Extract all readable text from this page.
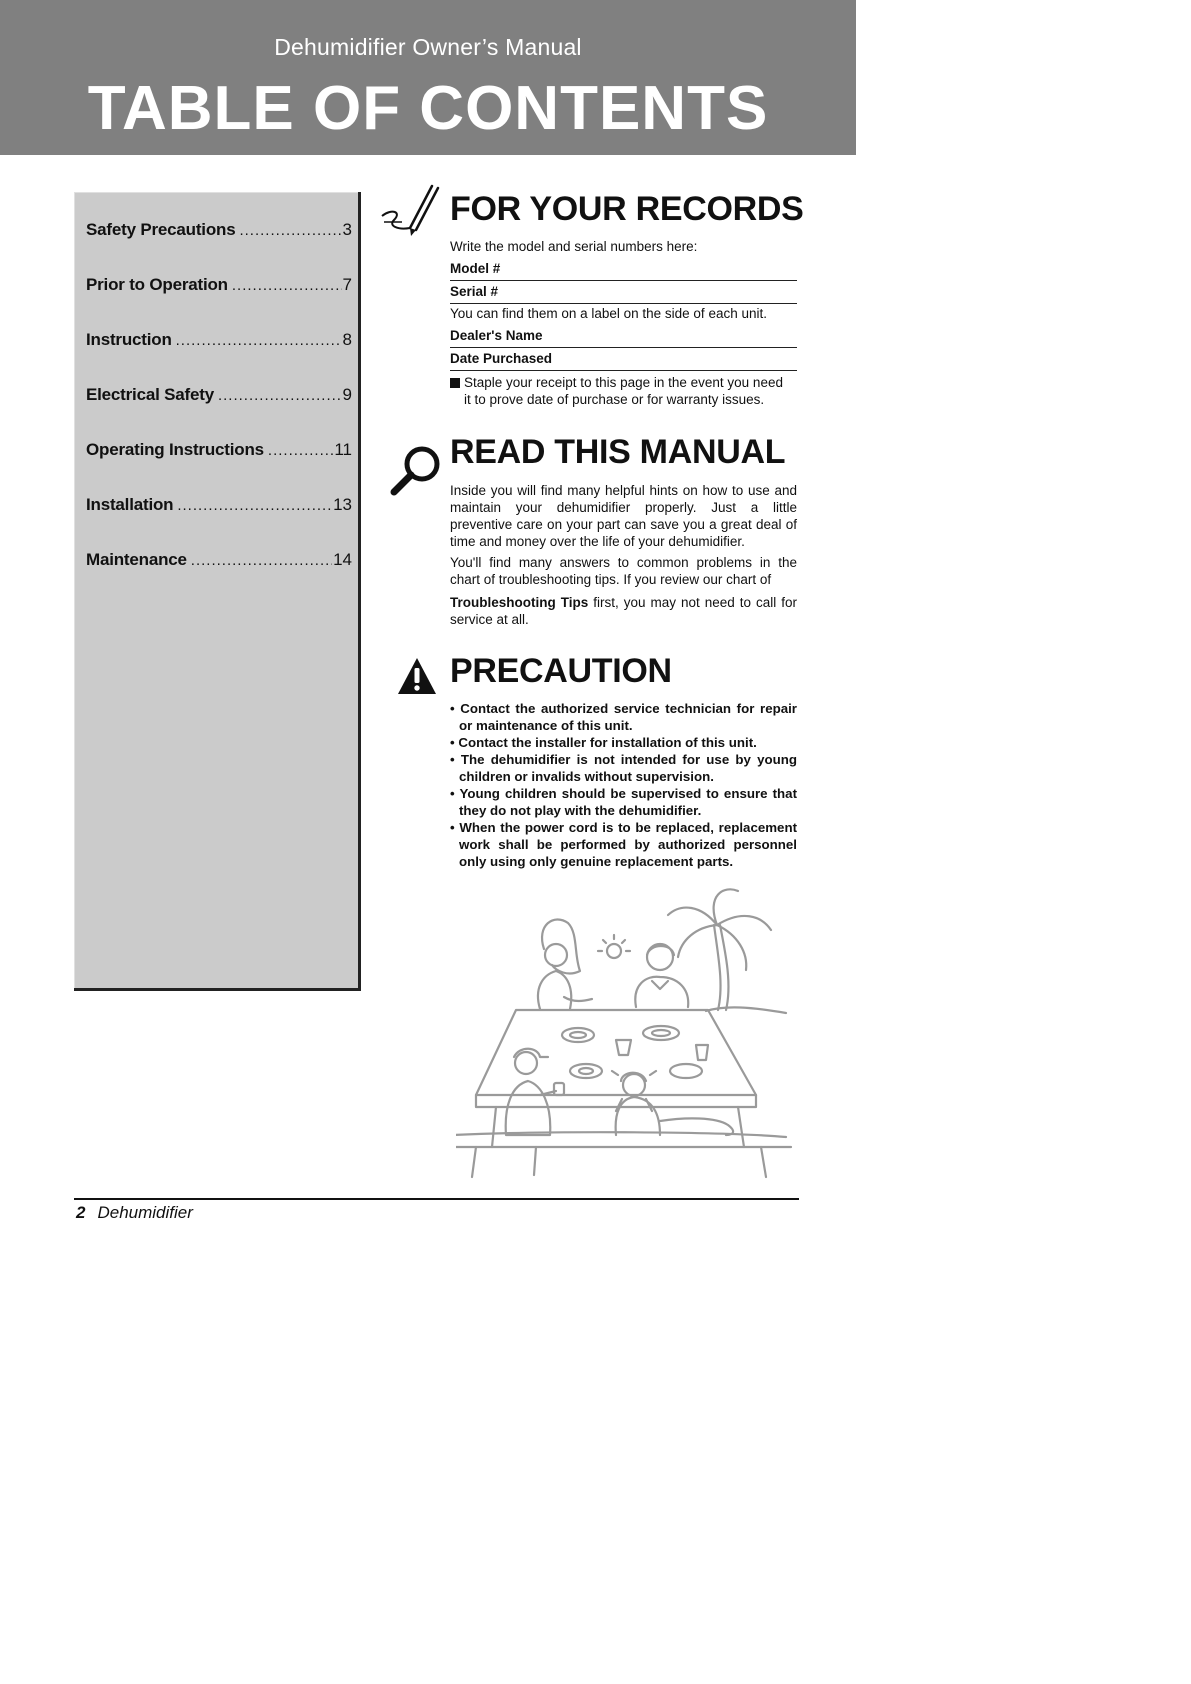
Dehumidifier Owner’s Manual
TABLE OF CONTENTS
Safety Precautions .....	3
Prior to Operation .....	7
Instruction .....	8
Electrical Safety .....	9
Operating Instructions .....	11
Installation .....	13
Maintenance .....	14
FOR YOUR RECORDS
Write the model and serial numbers here:
Model #
Serial #
You can find them on a label on the side of each unit.
Dealer's Name
Date Purchased
Staple your receipt to this page in the event you need
it to prove date of purchase or for warranty issues.
READ THIS MANUAL
Inside you will find many helpful hints on how to use and maintain your dehumidifier properly. Just a little preventive care on your part can save you a great deal of time and money over the life of your dehumidifier.
You'll find many answers to common problems in the chart of troubleshooting tips. If you review our chart of
Troubleshooting Tips first, you may not need to call for service at all.
PRECAUTION
• Contact the authorized service technician for repair or maintenance of this unit.
• Contact the installer for installation of this unit.
• The dehumidifier is not intended for use by young children or invalids without supervision.
• Young children should be supervised to ensure that they do not play with the dehumidifier.
• When the power cord is to be replaced, replacement work shall be performed by authorized personnel only using only genuine replacement parts.
2 Dehumidifier
